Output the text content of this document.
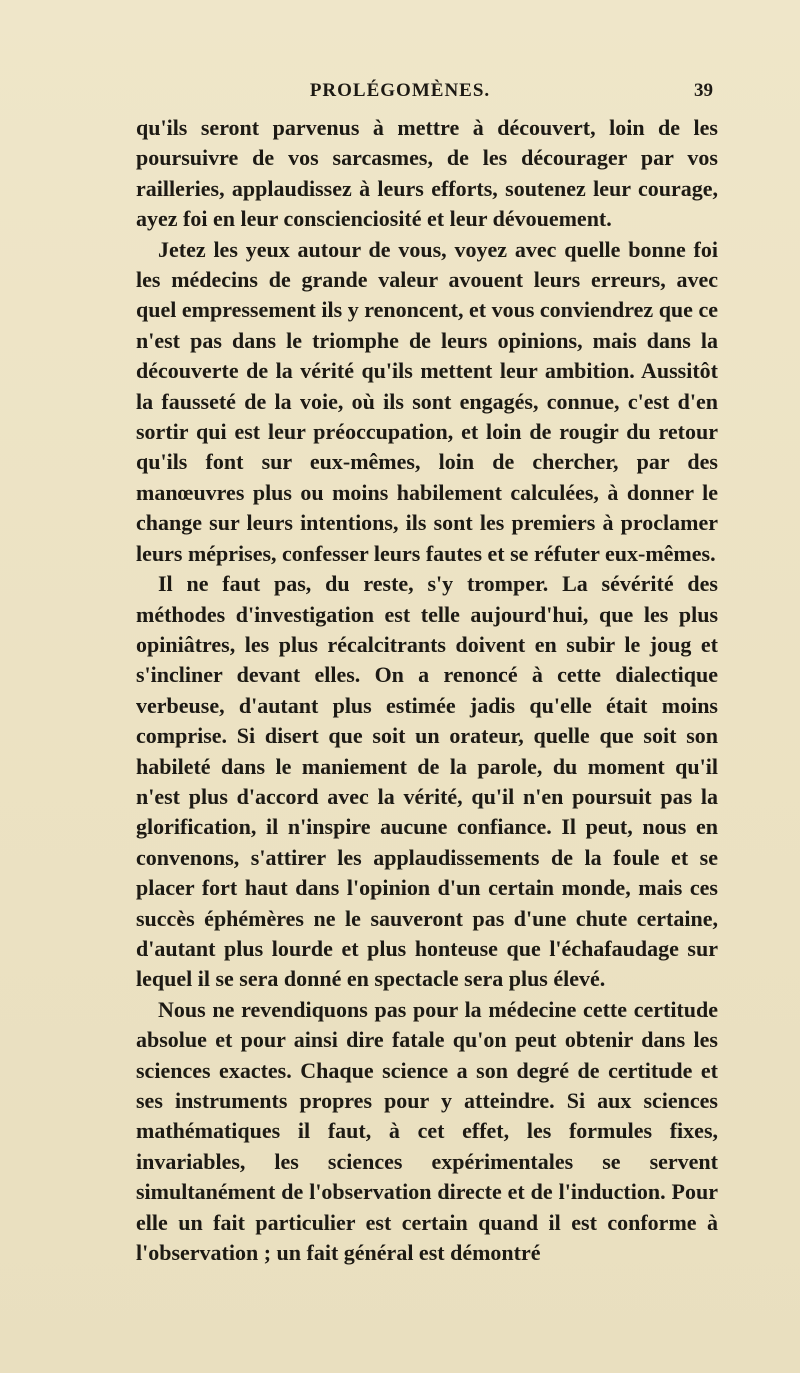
PROLÉGOMÈNES.	39

qu'ils seront parvenus à mettre à découvert, loin de les poursuivre de vos sarcasmes, de les décourager par vos railleries, applaudissez à leurs efforts, soutenez leur courage, ayez foi en leur conscienciosité et leur dévouement.

Jetez les yeux autour de vous, voyez avec quelle bonne foi les médecins de grande valeur avouent leurs erreurs, avec quel empressement ils y renoncent, et vous conviendrez que ce n'est pas dans le triomphe de leurs opinions, mais dans la découverte de la vérité qu'ils mettent leur ambition. Aussitôt la fausseté de la voie, où ils sont engagés, connue, c'est d'en sortir qui est leur préoccupation, et loin de rougir du retour qu'ils font sur eux-mêmes, loin de chercher, par des manœuvres plus ou moins habilement calculées, à donner le change sur leurs intentions, ils sont les premiers à proclamer leurs méprises, confesser leurs fautes et se réfuter eux-mêmes.

Il ne faut pas, du reste, s'y tromper. La sévérité des méthodes d'investigation est telle aujourd'hui, que les plus opiniâtres, les plus récalcitrants doivent en subir le joug et s'incliner devant elles. On a renoncé à cette dialectique verbeuse, d'autant plus estimée jadis qu'elle était moins comprise. Si disert que soit un orateur, quelle que soit son habileté dans le maniement de la parole, du moment qu'il n'est plus d'accord avec la vérité, qu'il n'en poursuit pas la glorification, il n'inspire aucune confiance. Il peut, nous en convenons, s'attirer les applaudissements de la foule et se placer fort haut dans l'opinion d'un certain monde, mais ces succès éphémères ne le sauveront pas d'une chute certaine, d'autant plus lourde et plus honteuse que l'échafaudage sur lequel il se sera donné en spectacle sera plus élevé.

Nous ne revendiquons pas pour la médecine cette certitude absolue et pour ainsi dire fatale qu'on peut obtenir dans les sciences exactes. Chaque science a son degré de certitude et ses instruments propres pour y atteindre. Si aux sciences mathématiques il faut, à cet effet, les formules fixes, invariables, les sciences expérimentales se servent simultanément de l'observation directe et de l'induction. Pour elle un fait particulier est certain quand il est conforme à l'observation ; un fait général est démontré
